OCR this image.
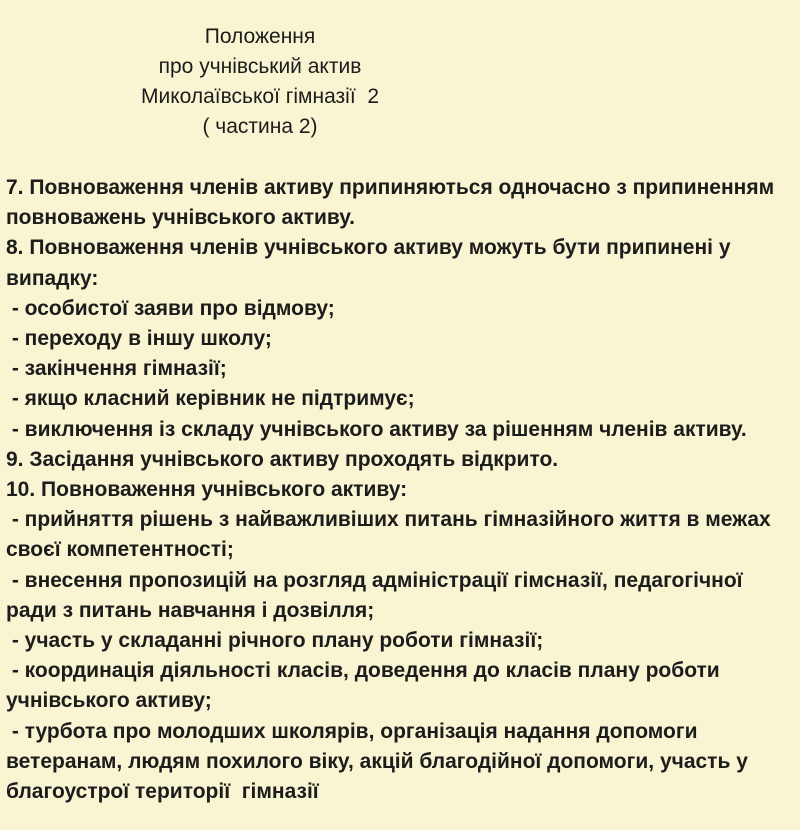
Положення
про учнівський актив
Миколаївської гімназії  2
( частина 2)
7. Повноваження членів активу припиняються одночасно з припиненням
повноважень учнівського активу.
8. Повноваження членів учнівського активу можуть бути припинені у
випадку:
- особистої заяви про відмову;
- переходу в іншу школу;
- закінчення гімназії;
- якщо класний керівник не підтримує;
- виключення із складу учнівського активу за рішенням членів активу.
9. Засідання учнівського активу проходять відкрито.
10. Повноваження учнівського активу:
- прийняття рішень з найважливіших питань гімназійного життя в межах
своєї компетентності;
- внесення пропозицій на розгляд адміністрації гімсназії, педагогічної
ради з питань навчання і дозвілля;
- участь у складанні річного плану роботи гімназії;
- координація діяльності класів, доведення до класів плану роботи
учнівського активу;
- турбота про молодших школярів, організація надання допомоги
ветеранам, людям похилого віку, акцій благодійної допомоги, участь у
благоустрої території  гімназії
